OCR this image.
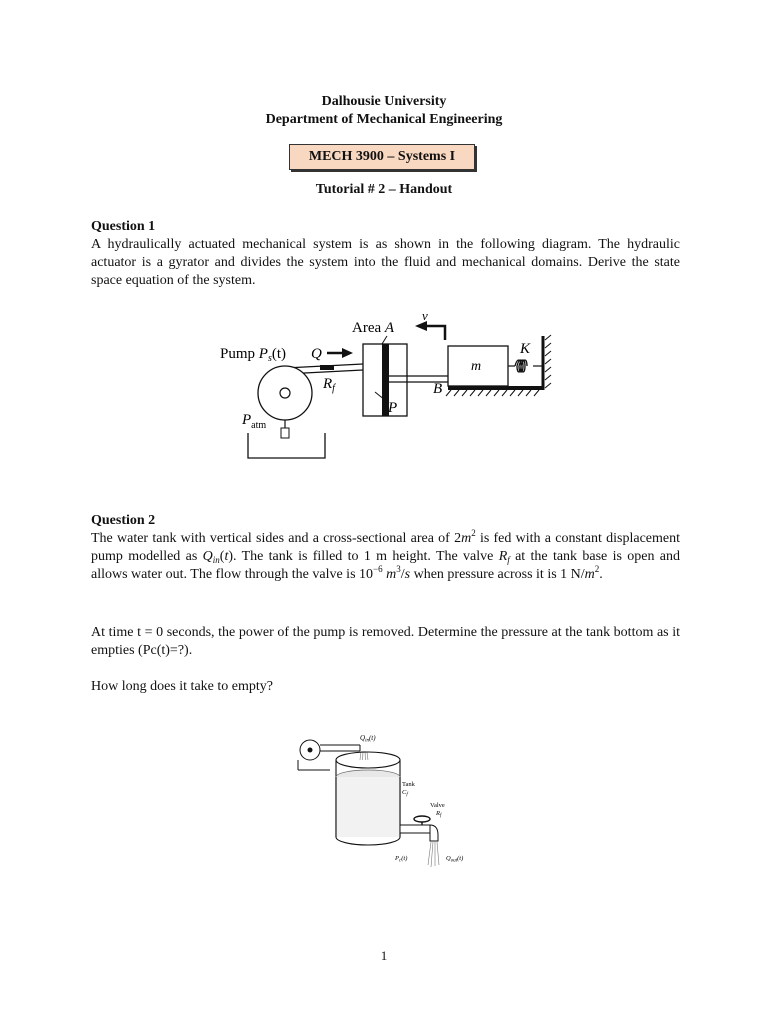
Dalhousie University
Department of Mechanical Engineering
MECH 3900 – Systems I
Tutorial # 2 – Handout
Question 1

A hydraulically actuated mechanical system is as shown in the following diagram. The hydraulic actuator is a gyrator and divides the system into the fluid and mechanical domains. Derive the state space equation of the system.

Area A
v
Pump $P_s(t)$ Q
$R_f$
$P_{atm}$
P
m
B
K
Question 2

The water tank with vertical sides and a cross-sectional area of $2m^2$ is fed with a constant displacement pump modelled as $Q_{in}(t)$. The tank is filled to 1 m height. The valve $R_f$ at the tank base is open and allows water out. The flow through the valve is $10^{-6}$ $m^3/s$ when pressure across it is 1 $N/m^2$.

At time t = 0 seconds, the power of the pump is removed. Determine the pressure at the tank bottom as it empties (Pc(t)=?).

How long does it take to empty?

$Q_{in}(t)$
Tank
$C_f$
Valve
$R_f$
$P_c(t)$	$Q_{out}(t)$
1
